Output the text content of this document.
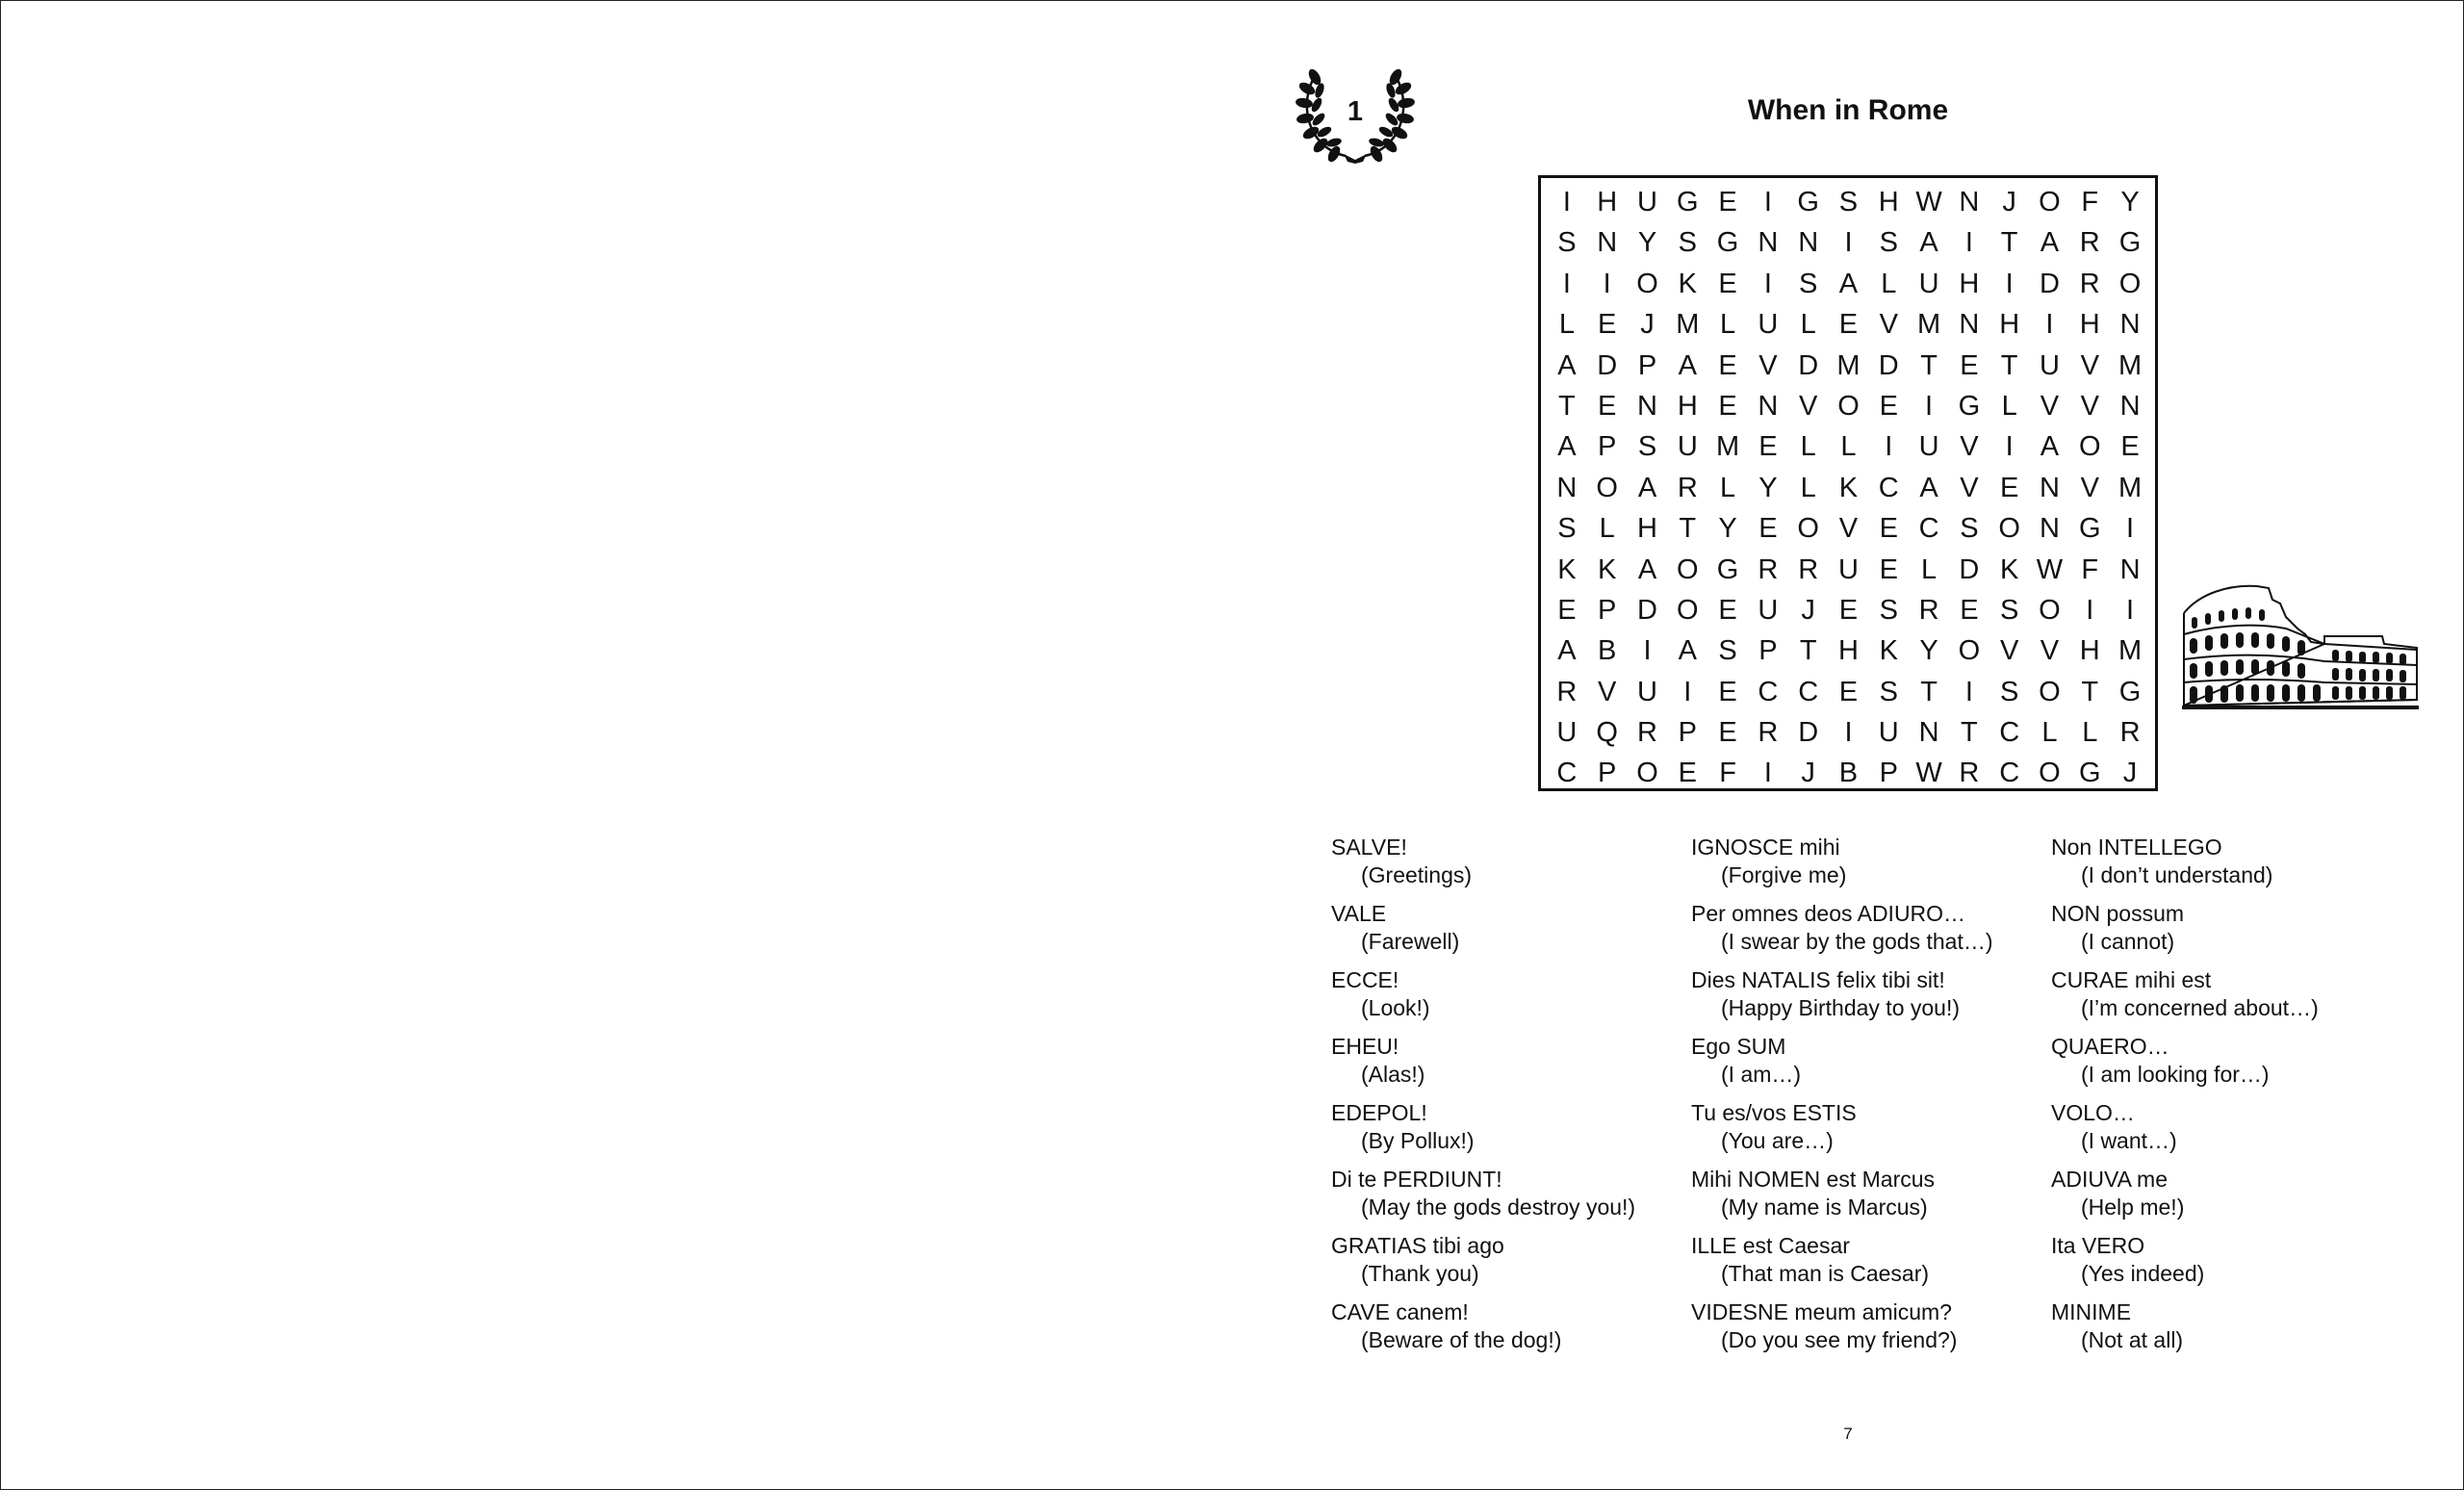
1	When in Rome
I H U G E I G S H W N J O F Y
S N Y S G N N I S A I T A R G
I	I O K E I S A L U H I D R O
L E J M L U L E V M N H I H N
A D P A E V D M D T E T U V M
T E N H E N V O E I G L V V N
A P S U M E L L	I U V I A O E
N O A R L Y L K C A V E N V M
S L H T Y E O V E C S O N G I
K K A O G R R U E L D K W F N
E P D O E U J E S R E S O I	I
A B I A S P T H K Y O V V H M
R V U I E C C E S T I S O T G
U Q R P E R D I U N T C L L R
C P O E F I	J B P W R C O G J
SALVE!
(Greetings)
VALE
(Farewell)
ECCE!
(Look!)
EHEU!
(Alas!)
EDEPOL!
(By Pollux!)
Di te PERDIUNT!
(May the gods destroy you!)
GRATIAS tibi ago
(Thank you)
CAVE canem!
(Beware of the dog!)
IGNOSCE mihi
(Forgive me)
Per omnes deos ADIURO…
(I swear by the gods that…)
Dies NATALIS felix tibi sit!
(Happy Birthday to you!)
Ego SUM
(I am…)
Tu es/vos ESTIS
(You are…)
Mihi NOMEN est Marcus
(My name is Marcus)
ILLE est Caesar
(That man is Caesar)
VIDESNE meum amicum?
(Do you see my friend?)
Non INTELLEGO
(I don’t understand)
NON possum
(I cannot)
CURAE mihi est
(I’m concerned about…)
QUAERO…
(I am looking for…)
VOLO…
(I want…)
ADIUVA me
(Help me!)
Ita VERO
(Yes indeed)
MINIME
(Not at all)
7
